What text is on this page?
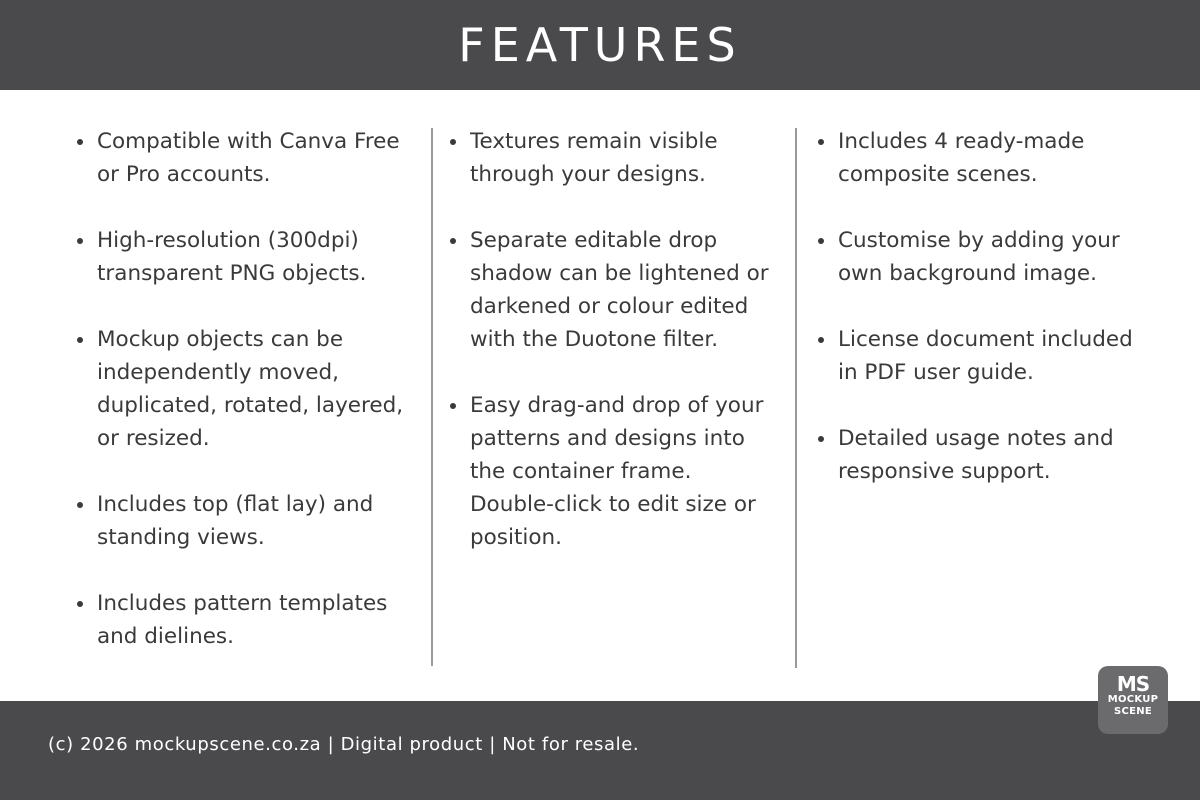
FEATURES
Compatible with Canva Free or Pro accounts.
High-resolution (300dpi) transparent PNG objects.
Mockup objects can be independently moved, duplicated, rotated, layered, or resized.
Includes top (flat lay) and standing views.
Includes pattern templates and dielines.
Textures remain visible through your designs.
Separate editable drop shadow can be lightened or darkened or colour edited with the Duotone filter.
Easy drag-and drop of your patterns and designs into the container frame. Double-click to edit size or position.
Includes 4 ready-made composite scenes.
Customise by adding your own background image.
License document included in PDF user guide.
Detailed usage notes and responsive support.
(c) 2026 mockupscene.co.za | Digital product | Not for resale.
MS
MOCKUP
SCENE
